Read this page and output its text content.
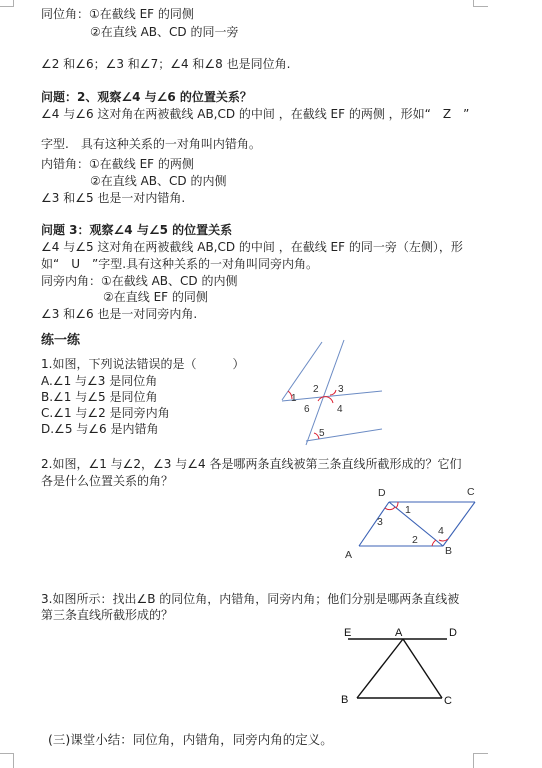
同位角：①在截线 EF 的同侧
②在直线 AB、CD 的同一旁
∠2 和∠6；∠3 和∠7；∠4 和∠8 也是同位角.
问题：2、观察∠4 与∠6 的位置关系？
∠4 与∠6 这对角在两被截线 AB,CD 的中间 ，在截线 EF 的两侧 ，形如“　Z　”
字型.　具有这种关系的一对角叫内错角。
内错角：①在截线 EF 的两侧
②在直线 AB、CD 的内侧
∠3 和∠5 也是一对内错角.
问题 3：观察∠4 与∠5 的位置关系
∠4 与∠5 这对角在两被截线 AB,CD 的中间 ，在截线 EF 的同一旁（左侧），形
如“　U　”字型.具有这种关系的一对角叫同旁内角。
同旁内角：①在截线 AB、CD 的内侧
②在直线 EF 的同侧
∠3 和∠6 也是一对同旁内角.
练一练
1.如图，下列说法错误的是（　　　）
A.∠1 与∠3 是同位角
B.∠1 与∠5 是同位角
C.∠1 与∠2 是同旁内角
D.∠5 与∠6 是内错角
2.如图，∠1 与∠2，∠3 与∠4 各是哪两条直线被第三条直线所截形成的？它们
各是什么位置关系的角？
3.如图所示：找出∠B 的同位角，内错角，同旁内角；他们分别是哪两条直线被
第三条直线所截形成的？
(三)课堂小结：同位角，内错角，同旁内角的定义。
1
2 3
4
5
6
D	C
A	B
1
3
2
4
E	A	D
B	C
